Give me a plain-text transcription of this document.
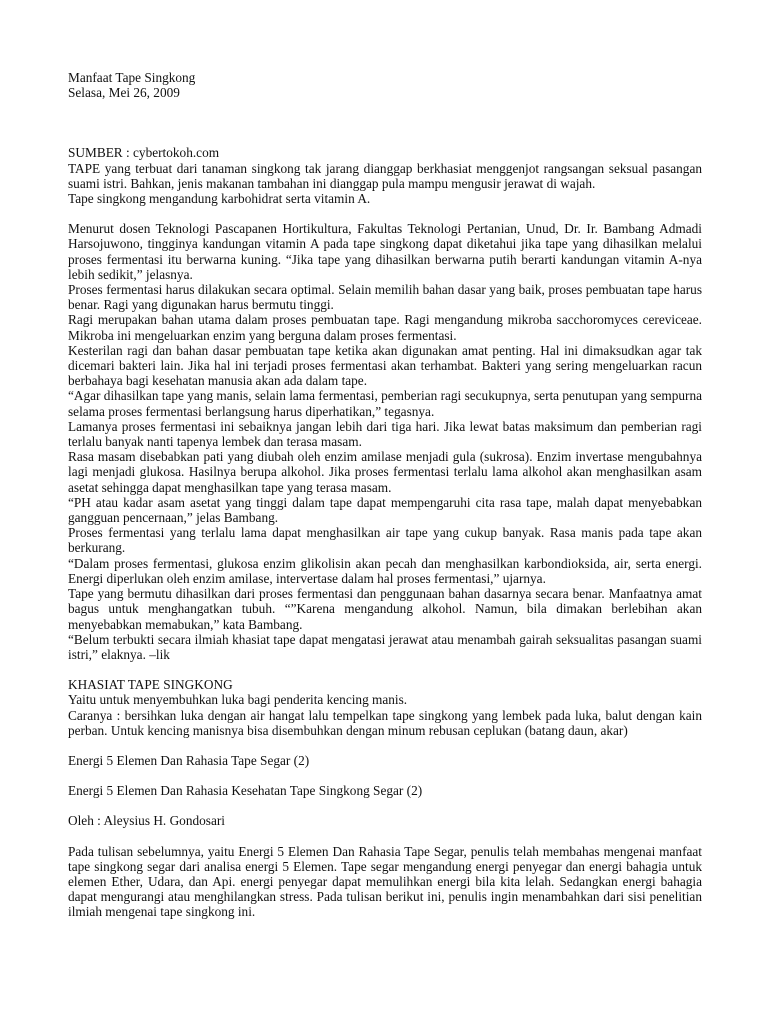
Manfaat Tape Singkong

Selasa, Mei 26, 2009

SUMBER : cybertokoh.com

TAPE yang terbuat dari tanaman singkong tak jarang dianggap berkhasiat menggenjot rangsangan seksual pasangan suami istri. Bahkan, jenis makanan tambahan ini dianggap pula mampu mengusir jerawat di wajah.

Tape singkong mengandung karbohidrat serta vitamin A.

Menurut dosen Teknologi Pascapanen Hortikultura, Fakultas Teknologi Pertanian, Unud, Dr. Ir. Bambang Admadi Harsojuwono, tingginya kandungan vitamin A pada tape singkong dapat diketahui jika tape yang dihasilkan melalui proses fermentasi itu berwarna kuning. “Jika tape yang dihasilkan berwarna putih berarti kandungan vitamin A-nya lebih sedikit,” jelasnya.

Proses fermentasi harus dilakukan secara optimal. Selain memilih bahan dasar yang baik, proses pembuatan tape harus benar. Ragi yang digunakan harus bermutu tinggi.

Ragi merupakan bahan utama dalam proses pembuatan tape. Ragi mengandung mikroba sacchoromyces cereviceae. Mikroba ini mengeluarkan enzim yang berguna dalam proses fermentasi.

Kesterilan ragi dan bahan dasar pembuatan tape ketika akan digunakan amat penting. Hal ini dimaksudkan agar tak dicemari bakteri lain. Jika hal ini terjadi proses fermentasi akan terhambat. Bakteri yang sering mengeluarkan racun berbahaya bagi kesehatan manusia akan ada dalam tape.

“Agar dihasilkan tape yang manis, selain lama fermentasi, pemberian ragi secukupnya, serta penutupan yang sempurna selama proses fermentasi berlangsung harus diperhatikan,” tegasnya.

Lamanya proses fermentasi ini sebaiknya jangan lebih dari tiga hari. Jika lewat batas maksimum dan pemberian ragi terlalu banyak nanti tapenya lembek dan terasa masam.

Rasa masam disebabkan pati yang diubah oleh enzim amilase menjadi gula (sukrosa). Enzim invertase mengubahnya lagi menjadi glukosa. Hasilnya berupa alkohol. Jika proses fermentasi terlalu lama alkohol akan menghasilkan asam asetat sehingga dapat menghasilkan tape yang terasa masam.

“PH atau kadar asam asetat yang tinggi dalam tape dapat mempengaruhi cita rasa tape, malah dapat menyebabkan gangguan pencernaan,” jelas Bambang.

Proses fermentasi yang terlalu lama dapat menghasilkan air tape yang cukup banyak. Rasa manis pada tape akan berkurang.

“Dalam proses fermentasi, glukosa enzim glikolisin akan pecah dan menghasilkan karbondioksida, air, serta energi. Energi diperlukan oleh enzim amilase, intervertase dalam hal proses fermentasi,” ujarnya.

Tape yang bermutu dihasilkan dari proses fermentasi dan penggunaan bahan dasarnya secara benar. Manfaatnya amat bagus untuk menghangatkan tubuh. “”Karena mengandung alkohol. Namun, bila dimakan berlebihan akan menyebabkan memabukan,” kata Bambang.

“Belum terbukti secara ilmiah khasiat tape dapat mengatasi jerawat atau menambah gairah seksualitas pasangan suami istri,” elaknya. –lik

KHASIAT TAPE SINGKONG

Yaitu untuk menyembuhkan luka bagi penderita kencing manis.

Caranya : bersihkan luka dengan air hangat lalu tempelkan tape singkong yang lembek pada luka, balut dengan kain perban. Untuk kencing manisnya bisa disembuhkan dengan minum rebusan ceplukan (batang daun, akar)

Energi 5 Elemen Dan Rahasia Tape Segar (2)

Energi 5 Elemen Dan Rahasia Kesehatan Tape Singkong Segar (2)

Oleh : Aleysius H. Gondosari

Pada tulisan sebelumnya, yaitu Energi 5 Elemen Dan Rahasia Tape Segar, penulis telah membahas mengenai manfaat tape singkong segar dari analisa energi 5 Elemen. Tape segar mengandung energi penyegar dan energi bahagia untuk elemen Ether, Udara, dan Api. energi penyegar dapat memulihkan energi bila kita lelah. Sedangkan energi bahagia dapat mengurangi atau menghilangkan stress. Pada tulisan berikut ini, penulis ingin menambahkan dari sisi penelitian ilmiah mengenai tape singkong ini.
